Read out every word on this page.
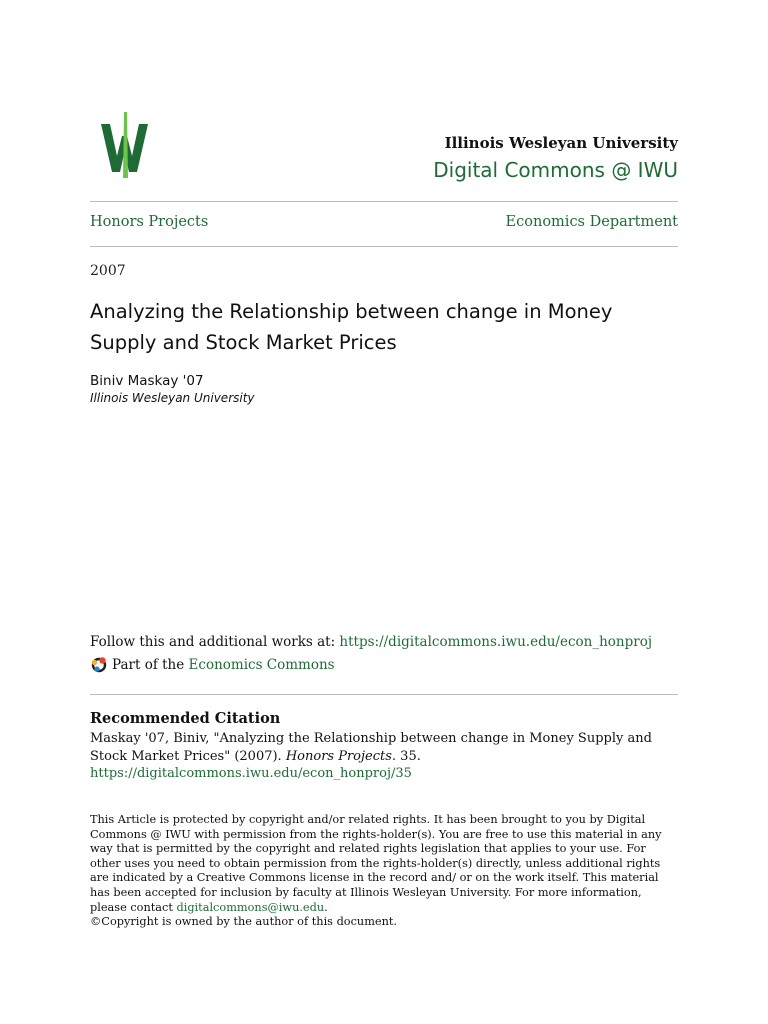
Illinois Wesleyan University
Digital Commons @ IWU
Honors Projects	Economics Department
2007
Analyzing the Relationship between change in Money Supply and Stock Market Prices
Biniv Maskay '07
Illinois Wesleyan University
Follow this and additional works at: https://digitalcommons.iwu.edu/econ_honproj
Part of the
Economics Commons
Recommended Citation
Maskay '07, Biniv, "Analyzing the Relationship between change in Money Supply and Stock Market Prices" (2007). Honors Projects. 35.
https://digitalcommons.iwu.edu/econ_honproj/35
This Article is protected by copyright and/or related rights. It has been brought to you by Digital Commons @ IWU with permission from the rights-holder(s). You are free to use this material in any way that is permitted by the copyright and related rights legislation that applies to your use. For other uses you need to obtain permission from the rights-holder(s) directly, unless additional rights are indicated by a Creative Commons license in the record and/ or on the work itself. This material has been accepted for inclusion by faculty at Illinois Wesleyan University. For more information, please contact digitalcommons@iwu.edu.
©Copyright is owned by the author of this document.
